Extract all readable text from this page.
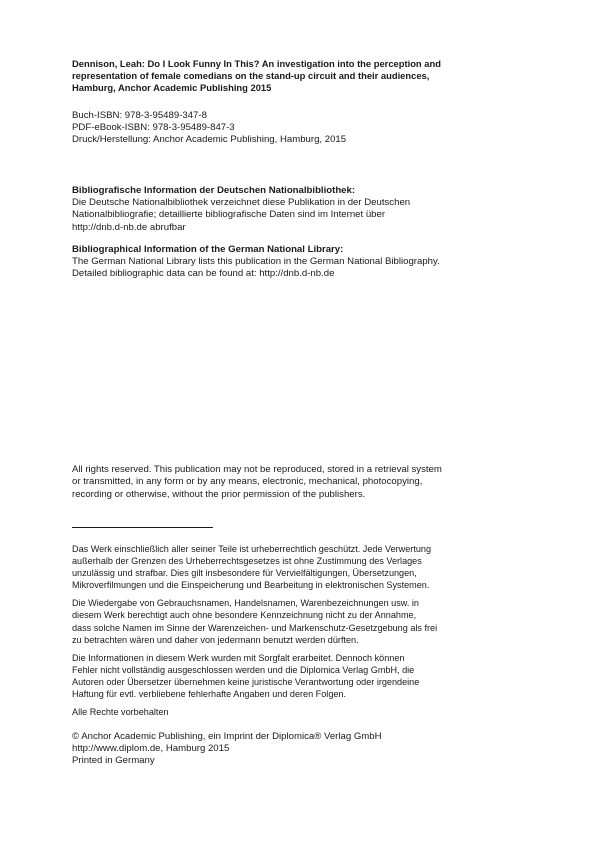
Dennison, Leah: Do I Look Funny In This? An investigation into the perception and
representation of female comedians on the stand-up circuit and their audiences,
Hamburg, Anchor Academic Publishing 2015
Buch-ISBN: 978-3-95489-347-8
PDF-eBook-ISBN: 978-3-95489-847-3
Druck/Herstellung: Anchor Academic Publishing, Hamburg, 2015
Bibliografische Information der Deutschen Nationalbibliothek:
Die Deutsche Nationalbibliothek verzeichnet diese Publikation in der Deutschen
Nationalbibliografie; detaillierte bibliografische Daten sind im Internet über
http://dnb.d-nb.de abrufbar
Bibliographical Information of the German National Library:
The German National Library lists this publication in the German National Bibliography.
Detailed bibliographic data can be found at: http://dnb.d-nb.de
All rights reserved. This publication may not be reproduced, stored in a retrieval system
or transmitted, in any form or by any means, electronic, mechanical, photocopying,
recording or otherwise, without the prior permission of the publishers.
Das Werk einschließlich aller seiner Teile ist urheberrechtlich geschützt. Jede Verwertung
außerhalb der Grenzen des Urheberrechtsgesetzes ist ohne Zustimmung des Verlages
unzulässig und strafbar. Dies gilt insbesondere für Vervielfältigungen, Übersetzungen,
Mikroverfilmungen und die Einspeicherung und Bearbeitung in elektronischen Systemen.
Die Wiedergabe von Gebrauchsnamen, Handelsnamen, Warenbezeichnungen usw. in
diesem Werk berechtigt auch ohne besondere Kennzeichnung nicht zu der Annahme,
dass solche Namen im Sinne der Warenzeichen- und Markenschutz-Gesetzgebung als frei
zu betrachten wären und daher von jedermann benutzt werden dürften.
Die Informationen in diesem Werk wurden mit Sorgfalt erarbeitet. Dennoch können
Fehler nicht vollständig ausgeschlossen werden und die Diplomica Verlag GmbH, die
Autoren oder Übersetzer übernehmen keine juristische Verantwortung oder irgendeine
Haftung für evtl. verbliebene fehlerhafte Angaben und deren Folgen.
Alle Rechte vorbehalten
© Anchor Academic Publishing, ein Imprint der Diplomica® Verlag GmbH
http://www.diplom.de, Hamburg 2015
Printed in Germany
